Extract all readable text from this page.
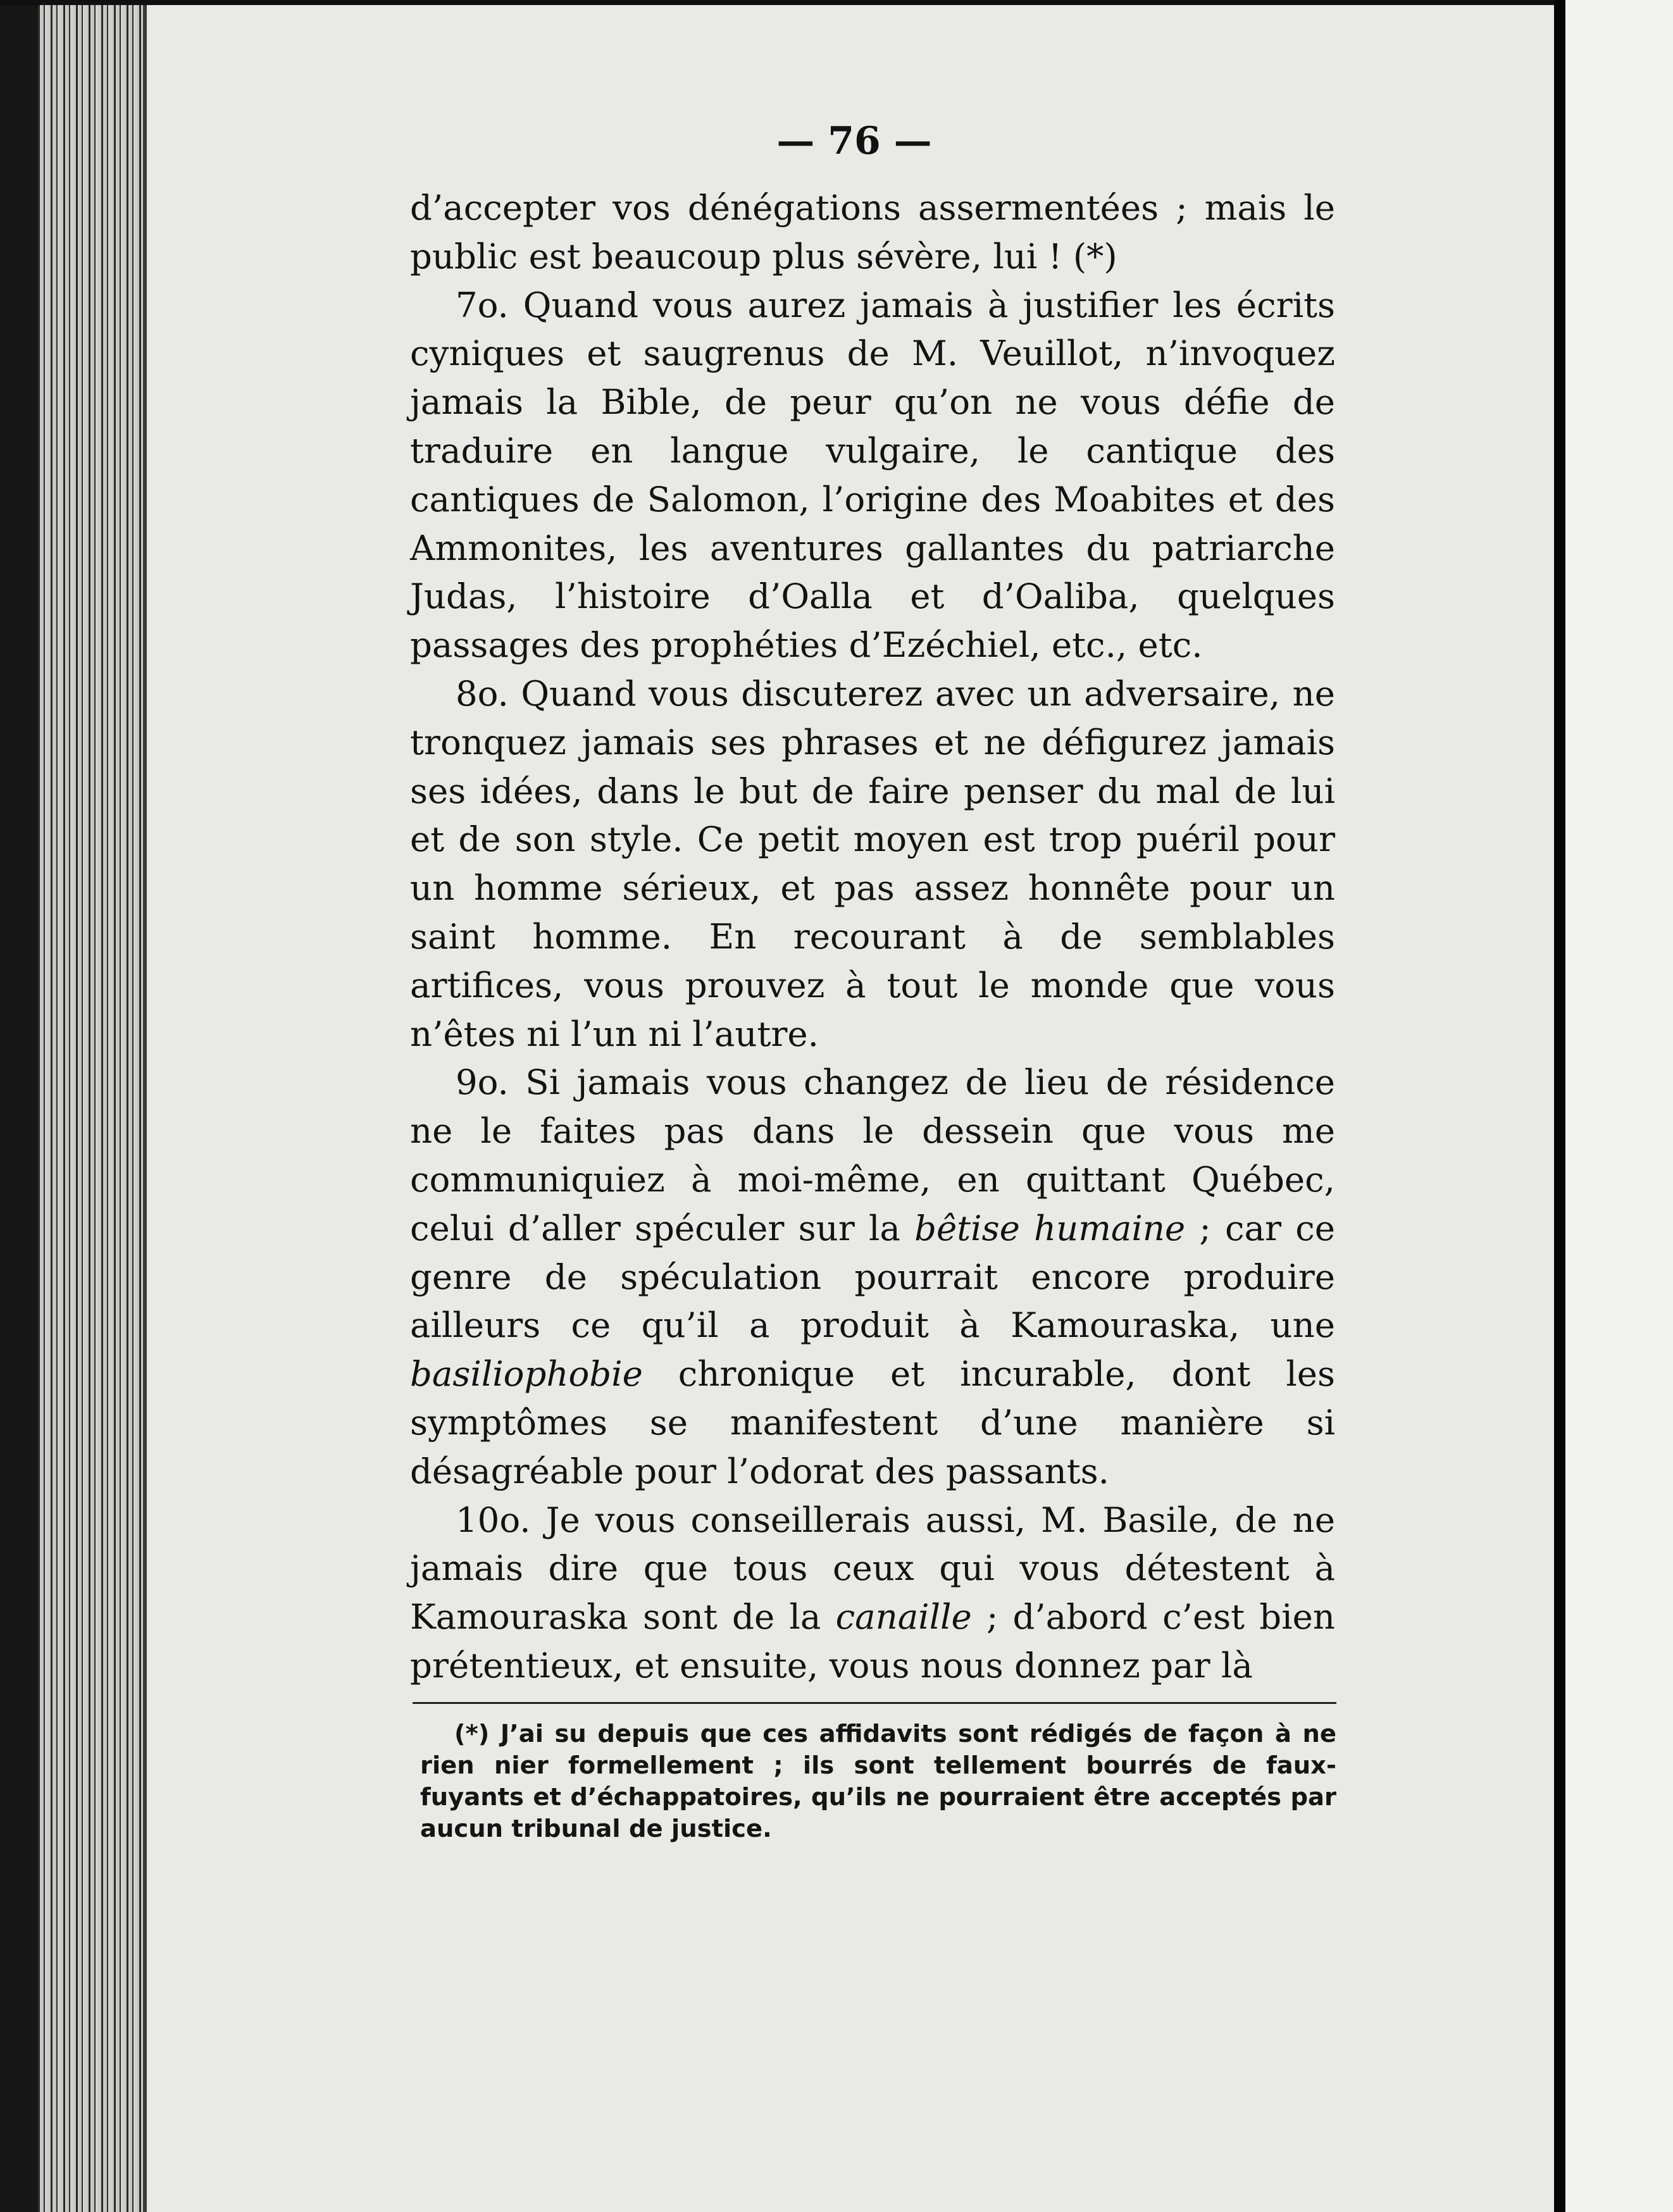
— 76 —

d’accepter vos dénégations assermentées ; mais le public est beaucoup plus sévère, lui ! (*)

7o. Quand vous aurez jamais à justifier les écrits cyniques et saugrenus de M. Veuillot, n’invoquez jamais la Bible, de peur qu’on ne vous défie de traduire en langue vulgaire, le cantique des cantiques de Salomon, l’origine des Moabites et des Ammonites, les aventures gallantes du patriarche Judas, l’histoire d’Oalla et d’Oaliba, quelques passages des prophéties d’Ezéchiel, etc., etc.

8o. Quand vous discuterez avec un adversaire, ne tronquez jamais ses phrases et ne défigurez jamais ses idées, dans le but de faire penser du mal de lui et de son style. Ce petit moyen est trop puéril pour un homme sérieux, et pas assez honnête pour un saint homme. En recourant à de semblables artifices, vous prouvez à tout le monde que vous n’êtes ni l’un ni l’autre.

9o. Si jamais vous changez de lieu de résidence ne le faites pas dans le dessein que vous me communiquiez à moi-même, en quittant Québec, celui d’aller spéculer sur la bêtise humaine ; car ce genre de spéculation pourrait encore produire ailleurs ce qu’il a produit à Kamouraska, une basiliophobie chronique et incurable, dont les symptômes se manifestent d’une manière si désagréable pour l’odorat des passants.

10o. Je vous conseillerais aussi, M. Basile, de ne jamais dire que tous ceux qui vous détestent à Kamouraska sont de la canaille ; d’abord c’est bien prétentieux, et ensuite, vous nous donnez par là

(*) J’ai su depuis que ces affidavits sont rédigés de façon à ne rien nier formellement ; ils sont tellement bourrés de faux-fuyants et d’échappatoires, qu’ils ne pourraient être acceptés par aucun tribunal de justice.
